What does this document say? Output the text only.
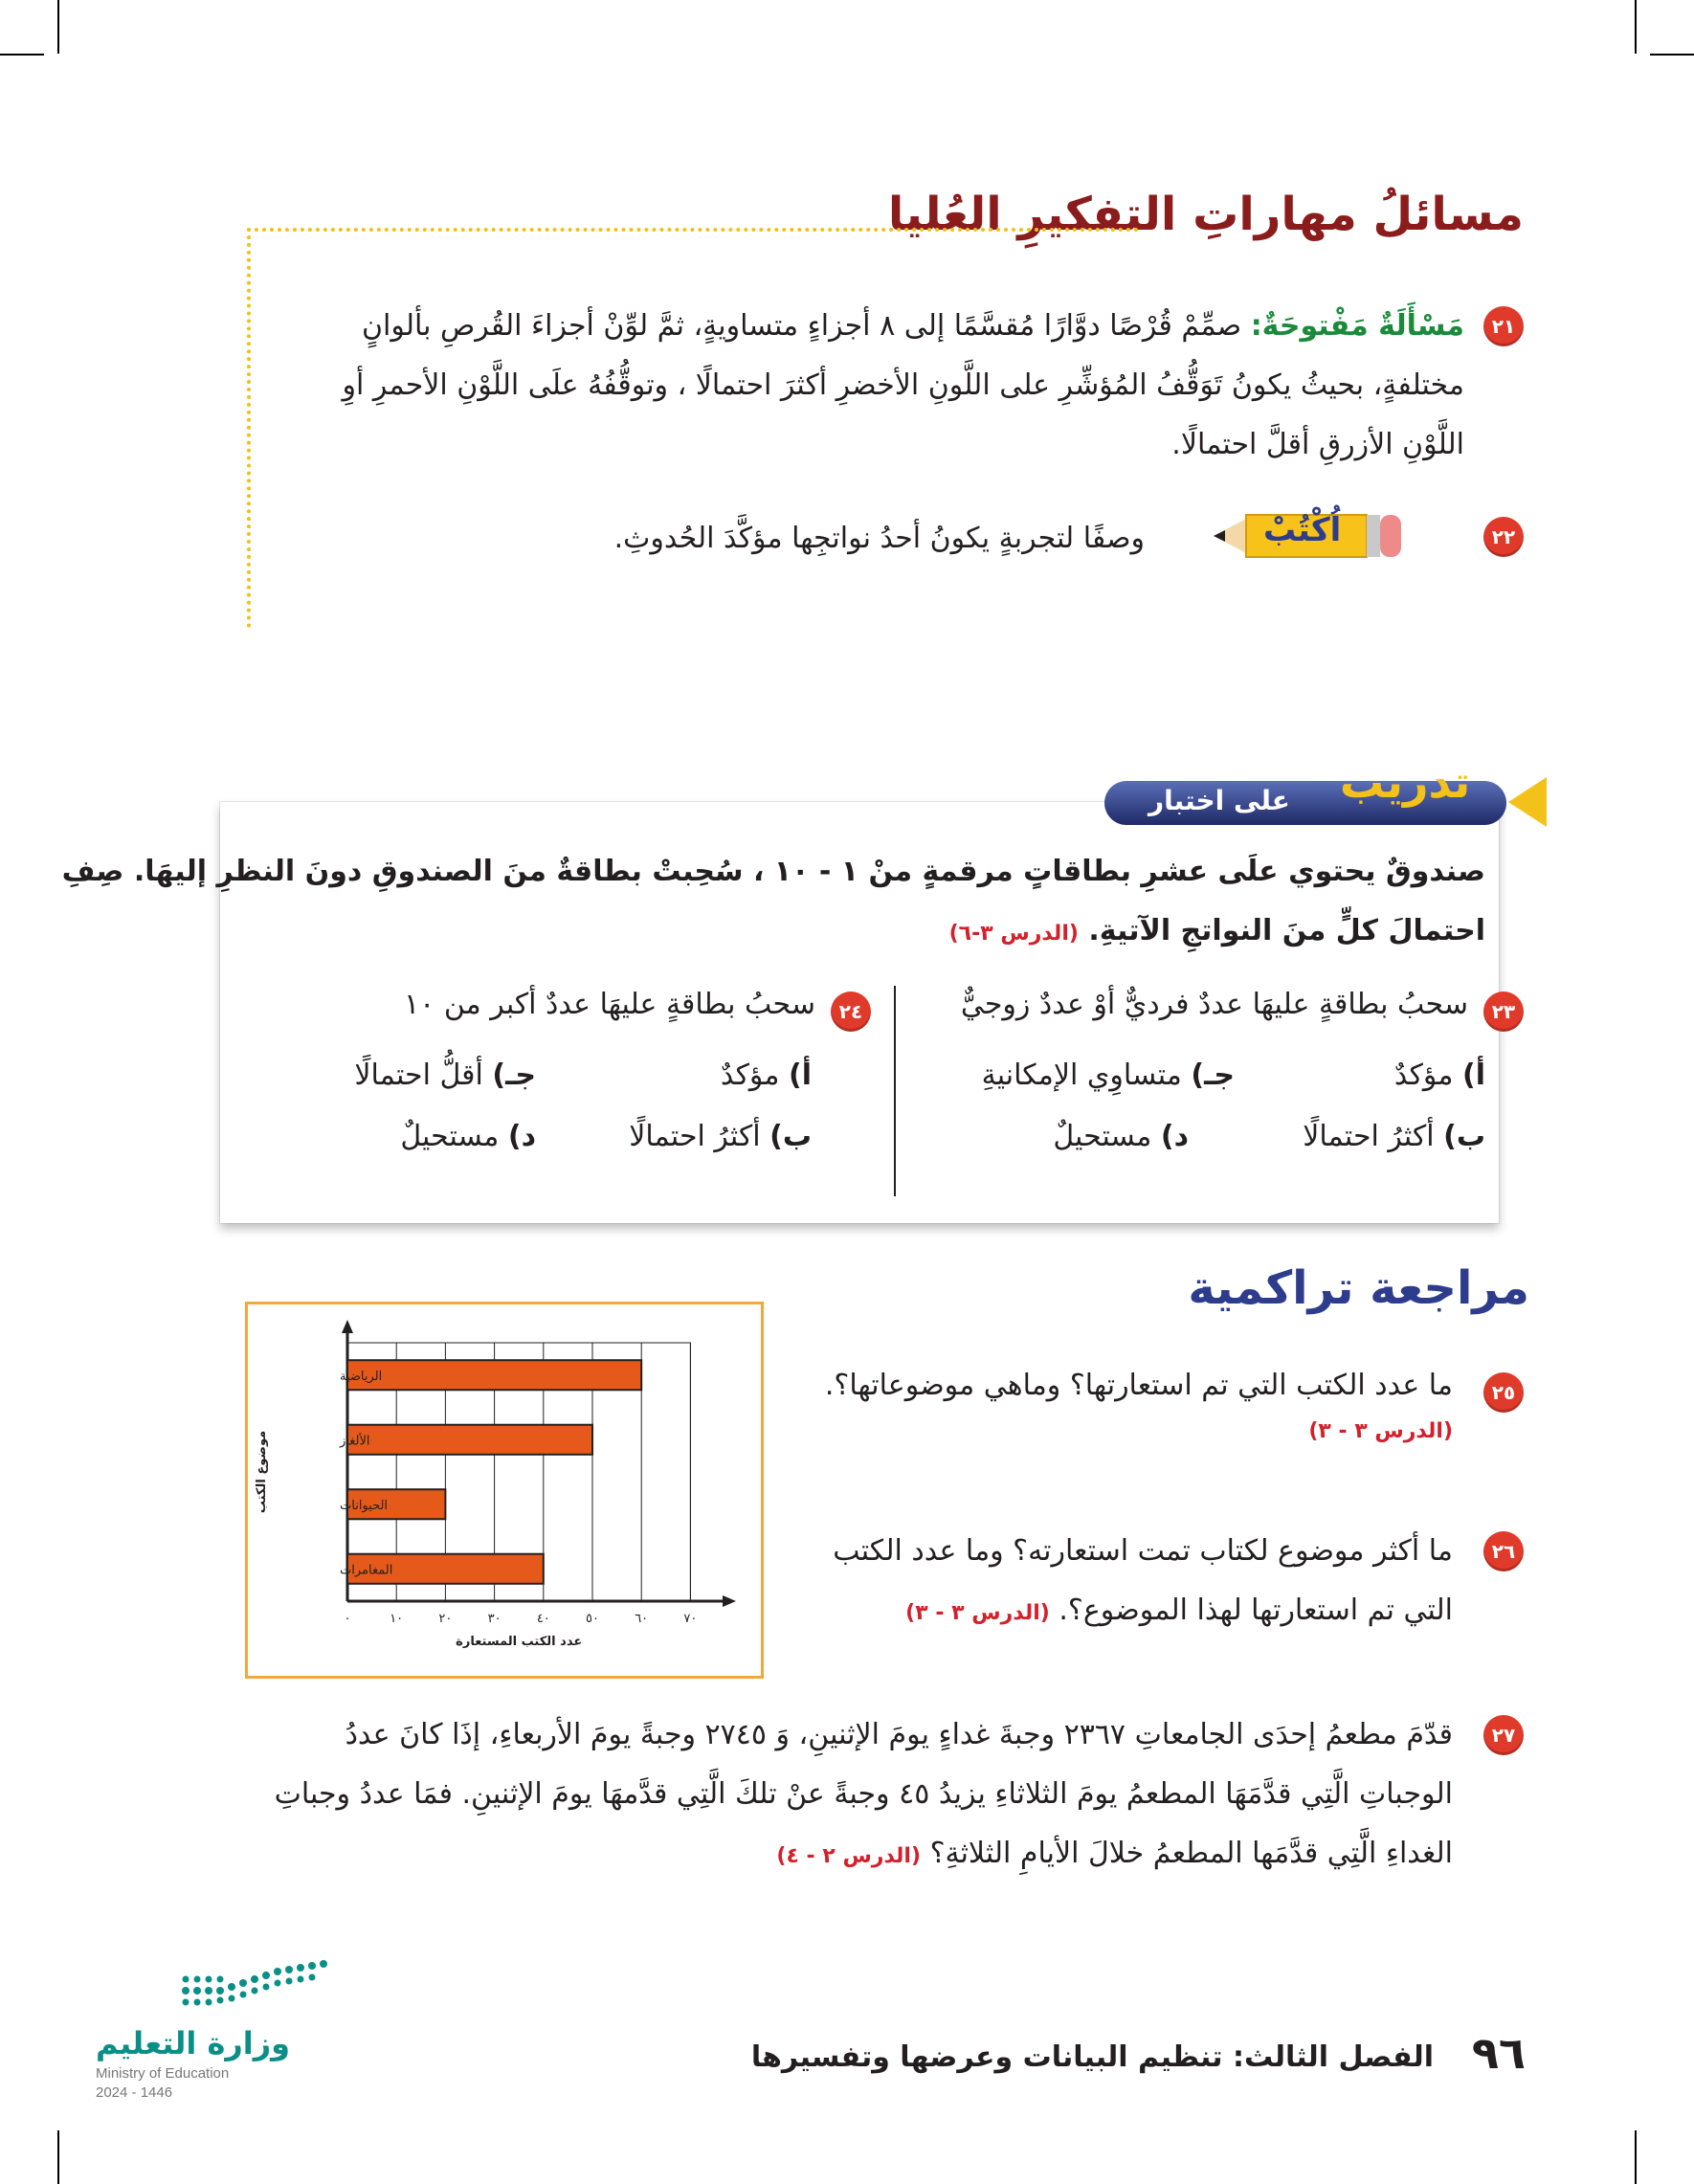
مسائلُ مهاراتِ التفكيرِ العُليا
٢١
مَسْأَلَةٌ مَفْتوحَةٌ: صمِّمْ قُرْصًا دوَّارًا مُقسَّمًا إلى ٨ أجزاءٍ متساويةٍ، ثمَّ لوِّنْ أجزاءَ القُرصِ بألوانٍ
مختلفةٍ، بحيثُ يكونُ تَوَقُّفُ المُؤشِّرِ على اللَّونِ الأخضرِ أكثرَ احتمالًا ، وتوقُّفُهُ علَى اللَّوْنِ الأحمرِ أوِ
اللَّوْنِ الأزرقِ أقلَّ احتمالًا.
٢٢
اُكْتُبْ
وصفًا لتجربةٍ يكونُ أحدُ نواتجِها مؤكَّدَ الحُدوثِ.
على اختبار تدريب
صندوقٌ يحتوي علَى عشرِ بطاقاتٍ مرقمةٍ منْ ١ - ١٠ ، سُحِبتْ بطاقةٌ منَ الصندوقِ دونَ النظرِ إليهَا. صِفِ
احتمالَ كلٍّ منَ النواتجِ الآتيةِ. (الدرس ٣-٦)
٢٣
سحبُ بطاقةٍ عليهَا عددٌ فرديٌّ أوْ عددٌ زوجيٌّ
أ) مؤكدٌ
جـ) متساوِي الإمكانيةِ
ب) أكثرُ احتمالًا
د) مستحيلٌ
٢٤
سحبُ بطاقةٍ عليهَا عددٌ أكبر من ١٠
أ) مؤكدٌ
جـ) أقلُّ احتمالًا
ب) أكثرُ احتمالًا
د) مستحيلٌ
مراجعة تراكمية
٢٥
ما عدد الكتب التي تم استعارتها؟ وماهي موضوعاتها؟.
(الدرس ٣ - ٣)
٢٦
ما أكثر موضوع لكتاب تمت استعارته؟ وما عدد الكتب
التي تم استعارتها لهذا الموضوع؟. (الدرس ٣ - ٣)
الرياضية
الألغاز
الحيوانات
المغامرات
٠	١٠	٢٠	٣٠	٤٠	٥٠	٦٠	٧٠
عدد الكتب المستعارة
موضوع الكتب
٢٧
قدّمَ مطعمُ إحدَى الجامعاتِ ٢٣٦٧ وجبةَ غداءٍ يومَ الإثنينِ، وَ ٢٧٤٥ وجبةً يومَ الأربعاءِ، إذَا كانَ عددُ
الوجباتِ الَّتِي قدَّمَهَا المطعمُ يومَ الثلاثاءِ يزيدُ ٤٥ وجبةً عنْ تلكَ الَّتِي قدَّمهَا يومَ الإثنينِ. فمَا عددُ وجباتِ
الغداءِ الَّتِي قدَّمَها المطعمُ خلالَ الأيامِ الثلاثةِ؟ (الدرس ٢ - ٤)
وزارة التعليم
Ministry of Education
2024 - 1446
الفصل الثالث: تنظيم البيانات وعرضها وتفسيرها	٩٦
